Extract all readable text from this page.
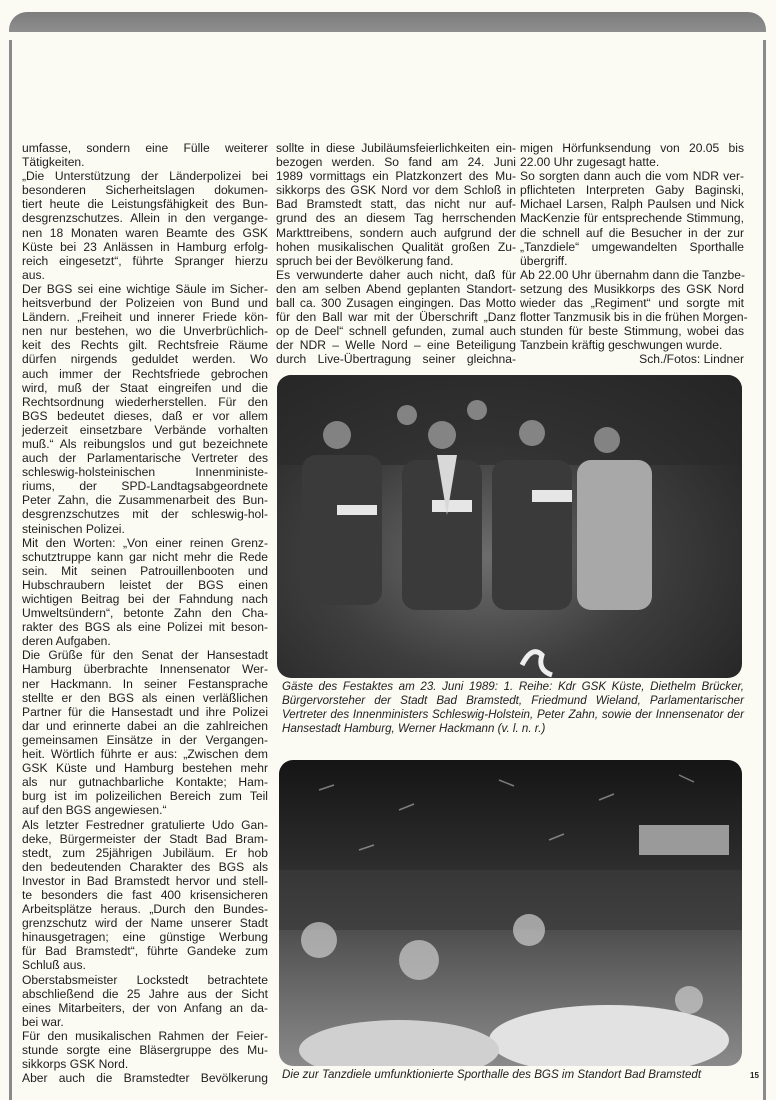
umfasse, sondern eine Fülle weiterer
Tätigkeiten.
„Die Unterstützung der Länderpolizei bei
besonderen Sicherheitslagen dokumen-
tiert heute die Leistungsfähigkeit des Bun-
desgrenzschutzes. Allein in den vergange-
nen 18 Monaten waren Beamte des GSK
Küste bei 23 Anlässen in Hamburg erfolg-
reich eingesetzt“, führte Spranger hierzu
aus.
Der BGS sei eine wichtige Säule im Sicher-
heitsverbund der Polizeien von Bund und
Ländern. „Freiheit und innerer Friede kön-
nen nur bestehen, wo die Unverbrüchlich-
keit des Rechts gilt. Rechtsfreie Räume
dürfen nirgends geduldet werden. Wo
auch immer der Rechtsfriede gebrochen
wird, muß der Staat eingreifen und die
Rechtsordnung wiederherstellen. Für den
BGS bedeutet dieses, daß er vor allem
jederzeit einsetzbare Verbände vorhalten
muß.“ Als reibungslos und gut bezeichnete
auch der Parlamentarische Vertreter des
schleswig-holsteinischen Innenministe-
riums, der SPD-Landtagsabgeordnete
Peter Zahn, die Zusammenarbeit des Bun-
desgrenzschutzes mit der schleswig-hol-
steinischen Polizei.
Mit den Worten: „Von einer reinen Grenz-
schutztruppe kann gar nicht mehr die Rede
sein. Mit seinen Patrouillenbooten und
Hubschraubern leistet der BGS einen
wichtigen Beitrag bei der Fahndung nach
Umweltsündern“, betonte Zahn den Cha-
rakter des BGS als eine Polizei mit beson-
deren Aufgaben.
Die Grüße für den Senat der Hansestadt
Hamburg überbrachte Innensenator Wer-
ner Hackmann. In seiner Festansprache
stellte er den BGS als einen verläßlichen
Partner für die Hansestadt und ihre Polizei
dar und erinnerte dabei an die zahlreichen
gemeinsamen Einsätze in der Vergangen-
heit. Wörtlich führte er aus: „Zwischen dem
GSK Küste und Hamburg bestehen mehr
als nur gutnachbarliche Kontakte; Ham-
burg ist im polizeilichen Bereich zum Teil
auf den BGS angewiesen.“
Als letzter Festredner gratulierte Udo Gan-
deke, Bürgermeister der Stadt Bad Bram-
stedt, zum 25jährigen Jubiläum. Er hob
den bedeutenden Charakter des BGS als
Investor in Bad Bramstedt hervor und stell-
te besonders die fast 400 krisensicheren
Arbeitsplätze heraus. „Durch den Bundes-
grenzschutz wird der Name unserer Stadt
hinausgetragen; eine günstige Werbung
für Bad Bramstedt“, führte Gandeke zum
Schluß aus.
Oberstabsmeister Lockstedt betrachtete
abschließend die 25 Jahre aus der Sicht
eines Mitarbeiters, der von Anfang an da-
bei war.
Für den musikalischen Rahmen der Feier-
stunde sorgte eine Bläsergruppe des Mu-
sikkorps GSK Nord.
Aber auch die Bramstedter Bevölkerung
sollte in diese Jubiläumsfeierlichkeiten ein-
bezogen werden. So fand am 24. Juni
1989 vormittags ein Platzkonzert des Mu-
sikkorps des GSK Nord vor dem Schloß in
Bad Bramstedt statt, das nicht nur auf-
grund des an diesem Tag herrschenden
Markttreibens, sondern auch aufgrund der
hohen musikalischen Qualität großen Zu-
spruch bei der Bevölkerung fand.
Es verwunderte daher auch nicht, daß für
den am selben Abend geplanten Standort-
ball ca. 300 Zusagen eingingen. Das Motto
für den Ball war mit der Überschrift „Danz
op de Deel“ schnell gefunden, zumal auch
der NDR – Welle Nord – eine Beteiligung
durch Live-Übertragung seiner gleichna-
migen Hörfunksendung von 20.05 bis
22.00 Uhr zugesagt hatte.
So sorgten dann auch die vom NDR ver-
pflichteten Interpreten Gaby Baginski,
Michael Larsen, Ralph Paulsen und Nick
MacKenzie für entsprechende Stimmung,
die schnell auf die Besucher in der zur
„Tanzdiele“ umgewandelten Sporthalle
übergriff.
Ab 22.00 Uhr übernahm dann die Tanzbe-
setzung des Musikkorps des GSK Nord
wieder das „Regiment“ und sorgte mit
flotter Tanzmusik bis in die frühen Morgen-
stunden für beste Stimmung, wobei das
Tanzbein kräftig geschwungen wurde.
Sch./Fotos: Lindner
Gäste des Festaktes am 23. Juni 1989: 1. Reihe: Kdr GSK Küste, Diethelm Brücker, Bürgervorsteher der Stadt Bad Bramstedt, Friedmund Wieland, Parlamentarischer Vertreter des Innenministers Schleswig-Holstein, Peter Zahn, sowie der Innensenator der Hansestadt Hamburg, Werner Hackmann (v. l. n. r.)
Die zur Tanzdiele umfunktionierte Sporthalle des BGS im Standort Bad Bramstedt	15
